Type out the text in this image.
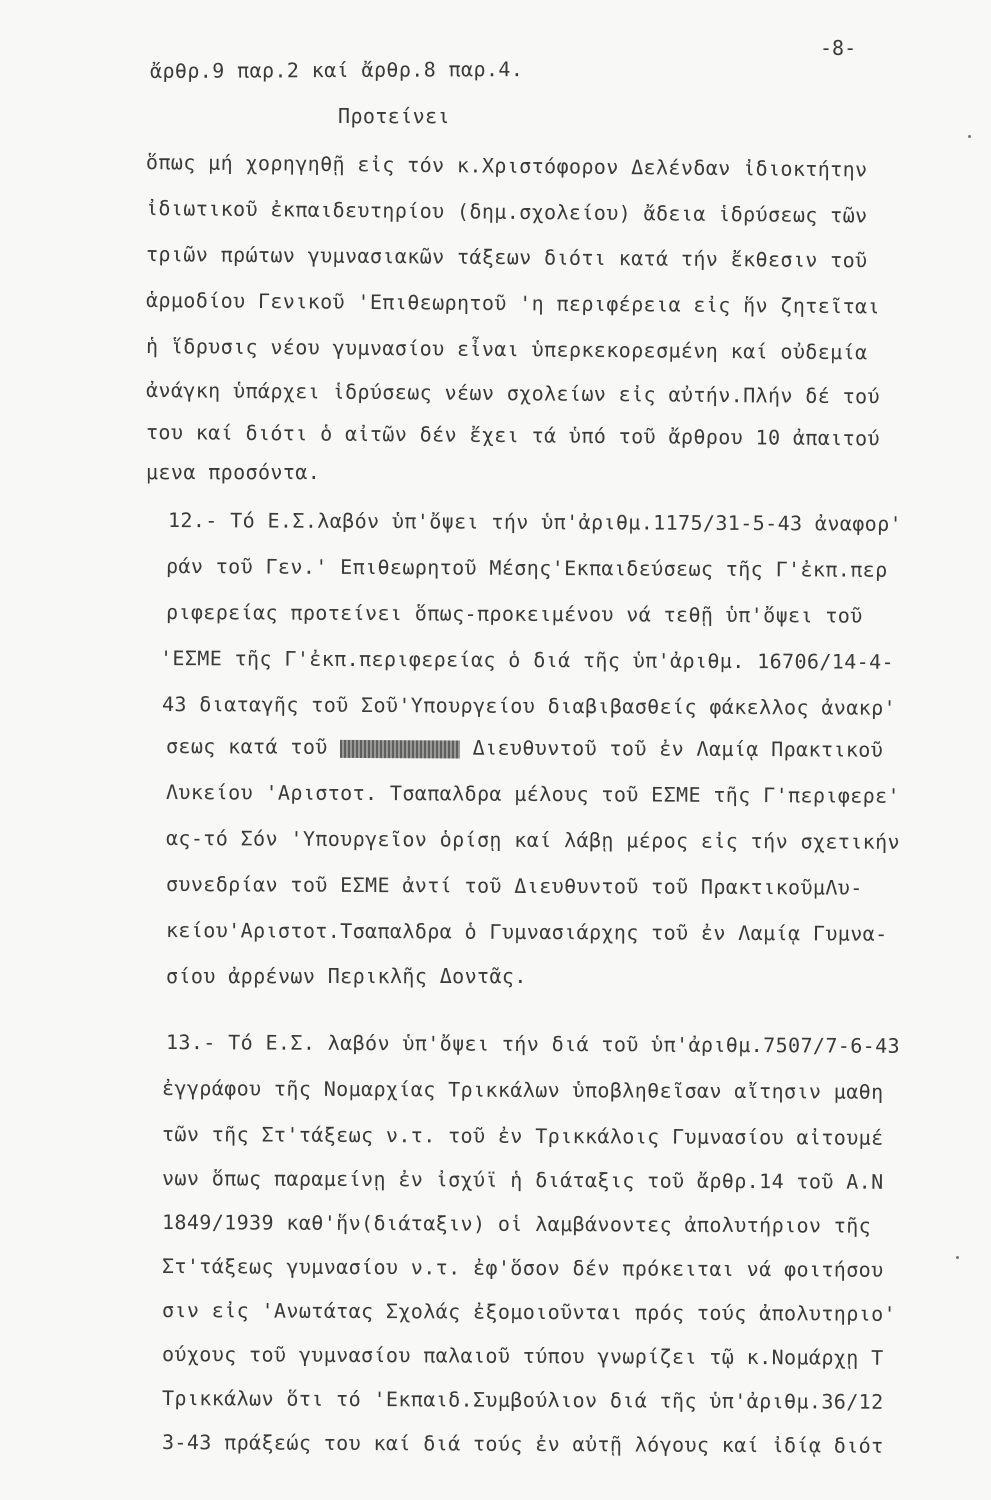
-8-
ἄρθρ.9 παρ.2 καί ἄρθρ.8 παρ.4.
Προτείνει
ὅπως μή χορηγηθῇ εἰς τόν κ.Χριστόφορον Δελένδαν ἰδιοκτήτην
ἰδιωτικοῦ ἐκπαιδευτηρίου (δημ.σχολείου) ἄδεια ἱδρύσεως τῶν
τριῶν πρώτων γυμνασιακῶν τάξεων διότι κατά τήν ἔκθεσιν τοῦ
ἁρμοδίου Γενικοῦ 'Επιθεωρητοῦ 'η περιφέρεια εἰς ἥν ζητεῖται
ἡ ἵδρυσις νέου γυμνασίου εἶναι ὑπερκεκορεσμένη καί οὐδεμία
ἀνάγκη ὑπάρχει ἱδρύσεως νέων σχολείων εἰς αὐτήν.Πλήν δέ τού
του καί διότι ὁ αἰτῶν δέν ἔχει τά ὑπό τοῦ ἄρθρου 10 ἀπαιτού
μενα προσόντα.
12.- Τό Ε.Σ.λαβόν ὑπ'ὄψει τήν ὑπ'ἀριθμ.1175/31-5-43 ἀναφορ'
ράν τοῦ Γεν.' Επιθεωρητοῦ Μέσης'Εκπαιδεύσεως τῆς Γ'ἐκπ.περ
ριφερείας προτείνει ὅπως-προκειμένου νά τεθῇ ὑπ'ὄψει τοῦ
'ΕΣΜΕ τῆς Γ'ἐκπ.περιφερείας ὁ διά τῆς ὑπ'ἀριθμ. 16706/14-4-
43 διαταγῆς τοῦ Σοῦ'Υπουργείου διαβιβασθείς φάκελλος ἀνακρ'
σεως κατά τοῦ	Διευθυντοῦ τοῦ ἐν Λαμίᾳ Πρακτικοῦ
Λυκείου 'Αριστοτ. Τσαπαλδρα μέλους τοῦ ΕΣΜΕ τῆς Γ'περιφερε'
ας-τό Σόν 'Υπουργεῖον ὁρίσῃ καί λάβῃ μέρος εἰς τήν σχετικήν
συνεδρίαν τοῦ ΕΣΜΕ ἀντί τοῦ Διευθυντοῦ τοῦ ΠρακτικοῦμΛυ-
κείου'Αριστοτ.Τσαπαλδρα ὁ Γυμνασιάρχης τοῦ ἐν Λαμίᾳ Γυμνα-
σίου ἀρρένων Περικλῆς Δοντᾶς.
13.- Τό Ε.Σ. λαβόν ὑπ'ὄψει τήν διά τοῦ ὑπ'ἀριθμ.7507/7-6-43
ἐγγράφου τῆς Νομαρχίας Τρικκάλων ὑποβληθεῖσαν αἴτησιν μαθη
τῶν τῆς Στ'τάξεως ν.τ. τοῦ ἐν Τρικκάλοις Γυμνασίου αἰτουμέ
νων ὅπως παραμείνῃ ἐν ἰσχύϊ ἡ διάταξις τοῦ ἄρθρ.14 τοῦ Α.Ν
1849/1939 καθ'ἥν(διάταξιν) οἱ λαμβάνοντες ἀπολυτήριον τῆς
Στ'τάξεως γυμνασίου ν.τ. ἐφ'ὅσον δέν πρόκειται νά φοιτήσου
σιν εἰς 'Ανωτάτας Σχολάς ἐξομοιοῦνται πρός τούς ἀπολυτηριο'
ούχους τοῦ γυμνασίου παλαιοῦ τύπου γνωρίζει τῷ κ.Νομάρχῃ Τ
Τρικκάλων ὅτι τό 'Εκπαιδ.Συμβούλιον διά τῆς ὑπ'ἀριθμ.36/12
3-43 πράξεώς του καί διά τούς ἐν αὐτῇ λόγους καί ἰδίᾳ διότ
